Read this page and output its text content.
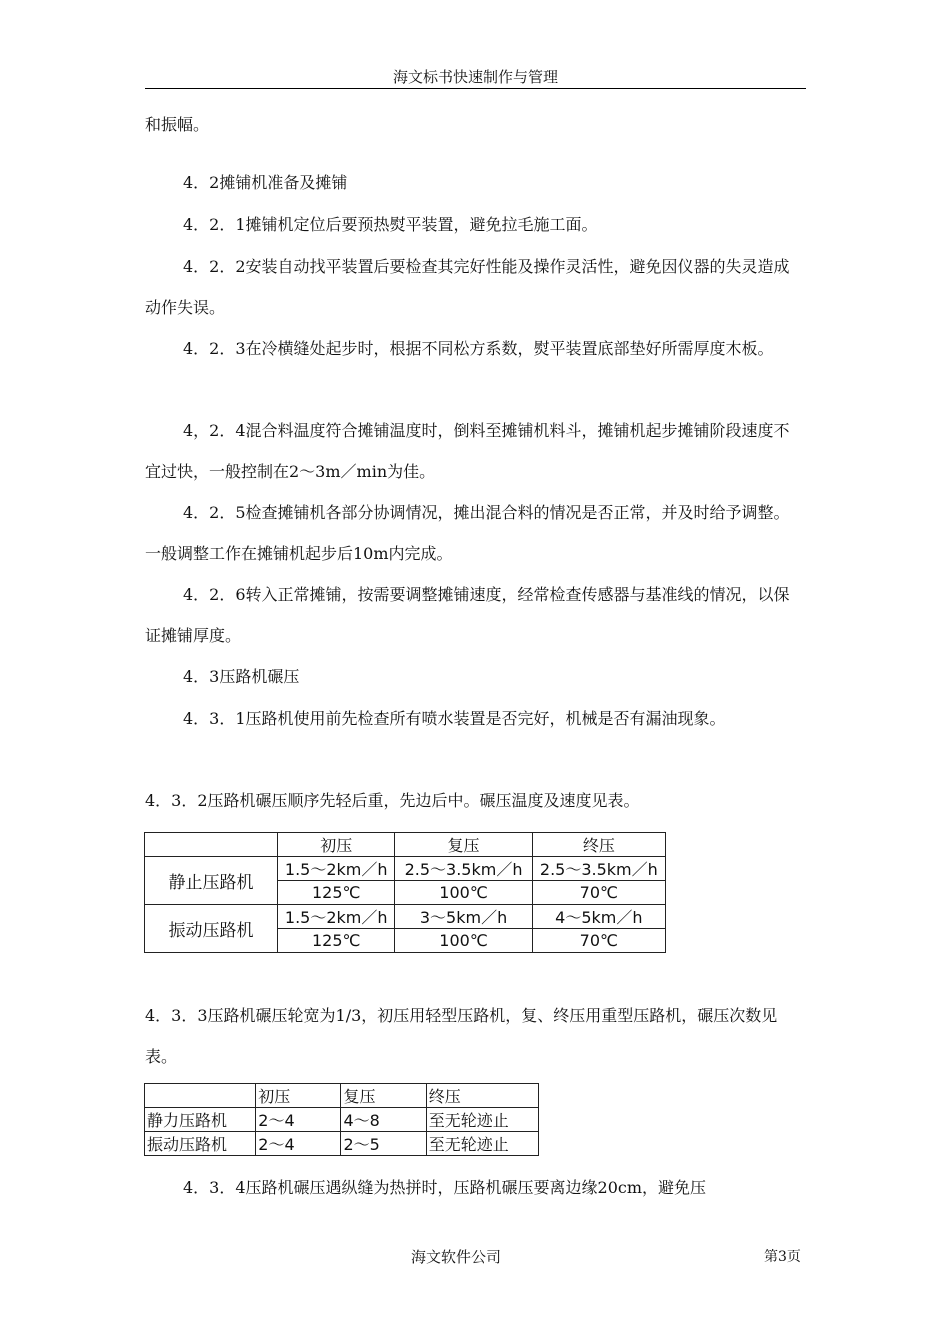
海文标书快速制作与管理

和振幅。

4．2摊铺机准备及摊铺

4．2．1摊铺机定位后要预热熨平装置，避免拉毛施工面。

4．2．2安装自动找平装置后要检查其完好性能及操作灵活性，避免因仪器的失灵造成动作失误。

4．2．3在冷横缝处起步时，根据不同松方系数，熨平装置底部垫好所需厚度木板。

4，2．4混合料温度符合摊铺温度时，倒料至摊铺机料斗，摊铺机起步摊铺阶段速度不宜过快，一般控制在2～3m／min为佳。

4．2．5检查摊铺机各部分协调情况，摊出混合料的情况是否正常，并及时给予调整。一般调整工作在摊铺机起步后10m内完成。

4．2．6转入正常摊铺，按需要调整摊铺速度，经常检查传感器与基准线的情况，以保证摊铺厚度。

4．3压路机碾压

4．3．1压路机使用前先检查所有喷水装置是否完好，机械是否有漏油现象。

4．3．2压路机碾压顺序先轻后重，先边后中。碾压温度及速度见表。

	初压	复压	终压
静止压路机	1.5～2km／h	2.5～3.5km／h	2.5～3.5km／h
	125℃	100℃	70℃
振动压路机	1.5～2km／h	3～5km／h	4～5km／h
	125℃	100℃	70℃

4．3．3压路机碾压轮宽为1/3，初压用轻型压路机，复、终压用重型压路机，碾压次数见表。

	初压	复压	终压
静力压路机	2～4	4～8	至无轮迹止
振动压路机	2～4	2～5	至无轮迹止

4．3．4压路机碾压遇纵缝为热拼时，压路机碾压要离边缘20cm，避免压

海文软件公司	第3页
